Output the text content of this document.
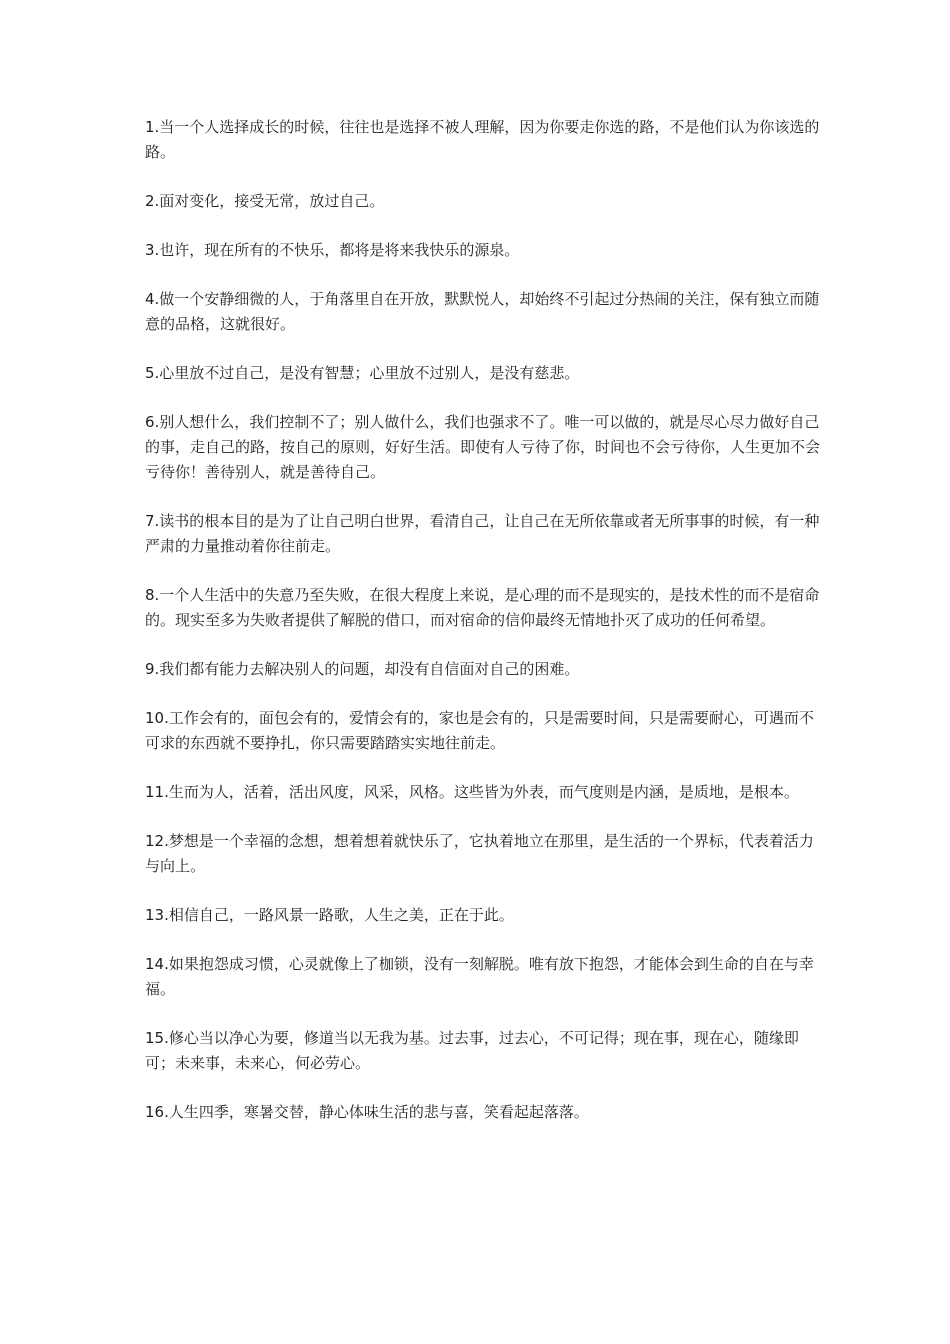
1.当一个人选择成长的时候，往往也是选择不被人理解，因为你要走你选的路，不是他们认为你该选的路。

2.面对变化，接受无常，放过自己。

3.也许，现在所有的不快乐，都将是将来我快乐的源泉。

4.做一个安静细微的人，于角落里自在开放，默默悦人，却始终不引起过分热闹的关注，保有独立而随意的品格，这就很好。

5.心里放不过自己，是没有智慧；心里放不过别人，是没有慈悲。

6.别人想什么，我们控制不了；别人做什么，我们也强求不了。唯一可以做的，就是尽心尽力做好自己的事，走自己的路，按自己的原则，好好生活。即使有人亏待了你，时间也不会亏待你，人生更加不会亏待你！善待别人，就是善待自己。

7.读书的根本目的是为了让自己明白世界，看清自己，让自己在无所依靠或者无所事事的时候，有一种严肃的力量推动着你往前走。

8.一个人生活中的失意乃至失败，在很大程度上来说，是心理的而不是现实的，是技术性的而不是宿命的。现实至多为失败者提供了解脱的借口，而对宿命的信仰最终无情地扑灭了成功的任何希望。

9.我们都有能力去解决别人的问题，却没有自信面对自己的困难。

10.工作会有的，面包会有的，爱情会有的，家也是会有的，只是需要时间，只是需要耐心，可遇而不可求的东西就不要挣扎，你只需要踏踏实实地往前走。

11.生而为人，活着，活出风度，风采，风格。这些皆为外表，而气度则是内涵，是质地，是根本。

12.梦想是一个幸福的念想，想着想着就快乐了，它执着地立在那里，是生活的一个界标，代表着活力与向上。

13.相信自己，一路风景一路歌，人生之美，正在于此。

14.如果抱怨成习惯，心灵就像上了枷锁，没有一刻解脱。唯有放下抱怨，才能体会到生命的自在与幸福。

15.修心当以净心为要，修道当以无我为基。过去事，过去心，不可记得；现在事，现在心，随缘即可；未来事，未来心，何必劳心。

16.人生四季，寒暑交替，静心体味生活的悲与喜，笑看起起落落。
